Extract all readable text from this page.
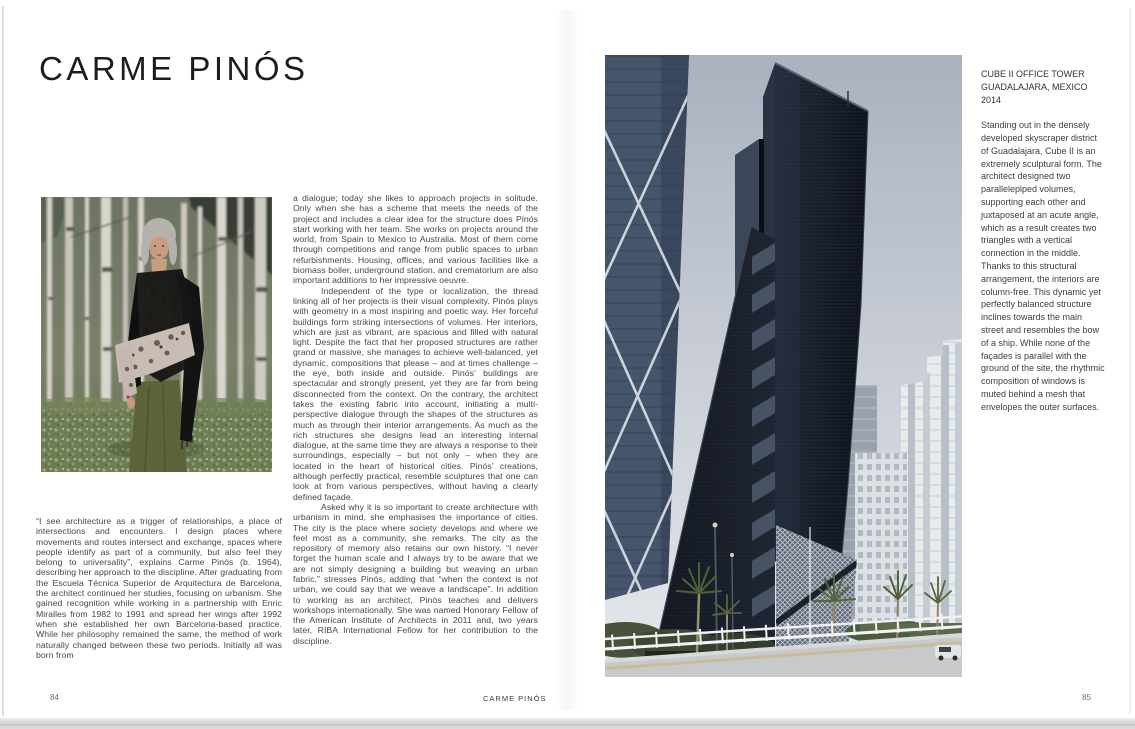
CARME PINÓS

“I see architecture as a trigger of relationships, a place of intersections and encounters. I design places where movements and routes intersect and exchange, spaces where people identify as part of a community, but also feel they belong to universality”, explains Carme Pinós (b. 1964), describing her approach to the discipline. After graduating from the Escuela Técnica Superior de Arquitectura de Barcelona, the architect continued her studies, focusing on urbanism. She gained recognition while working in a partnership with Enric Miralles from 1982 to 1991 and spread her wings after 1992 when she established her own Barcelona-based practice. While her philosophy remained the same, the method of work naturally changed between these two periods. Initially all was born from

a dialogue; today she likes to approach projects in solitude. Only when she has a scheme that meets the needs of the project and includes a clear idea for the structure does Pinós start working with her team. She works on projects around the world, from Spain to Mexico to Australia. Most of them come through competitions and range from public spaces to urban refurbishments. Housing, offices, and various facilities like a biomass boiler, underground station, and crematorium are also important additions to her impressive oeuvre.

Independent of the type or localization, the thread linking all of her projects is their visual complexity. Pinós plays with geometry in a most inspiring and poetic way. Her forceful buildings form striking intersections of volumes. Her interiors, which are just as vibrant, are spacious and filled with natural light. Despite the fact that her proposed structures are rather grand or massive, she manages to achieve well-balanced, yet dynamic, compositions that please – and at times challenge – the eye, both inside and outside. Pinós’ buildings are spectacular and strongly present, yet they are far from being disconnected from the context. On the contrary, the architect takes the existing fabric into account, initiating a multi-perspective dialogue through the shapes of the structures as much as through their interior arrangements. As much as the rich structures she designs lead an interesting internal dialogue, at the same time they are always a response to their surroundings, especially – but not only – when they are located in the heart of historical cities. Pinós’ creations, although perfectly practical, resemble sculptures that one can look at from various perspectives, without having a clearly defined façade.

Asked why it is so important to create architecture with urbanism in mind, she emphasises the importance of cities. The city is the place where society develops and where we feel most as a community, she remarks. The city as the repository of memory also retains our own history. “I never forget the human scale and I always try to be aware that we are not simply designing a building but weaving an urban fabric,” stresses Pinós, adding that “when the context is not urban, we could say that we weave a landscape”. In addition to working as an architect, Pinós teaches and delivers workshops internationally. She was named Honorary Fellow of the American Institute of Architects in 2011 and, two years later, RIBA International Fellow for her contribution to the discipline.

CUBE II OFFICE TOWER
GUADALAJARA, MEXICO 2014

Standing out in the densely developed skyscraper district of Guadalajara, Cube II is an extremely sculptural form. The architect designed two parallelepiped volumes, supporting each other and juxtaposed at an acute angle, which as a result creates two triangles with a vertical connection in the middle. Thanks to this structural arrangement, the interiors are column-free. This dynamic yet perfectly balanced structure inclines towards the main street and resembles the bow of a ship. While none of the façades is parallel with the ground of the site, the rhythmic composition of windows is muted behind a mesh that envelopes the outer surfaces.

84	CARME PINÓS	85
